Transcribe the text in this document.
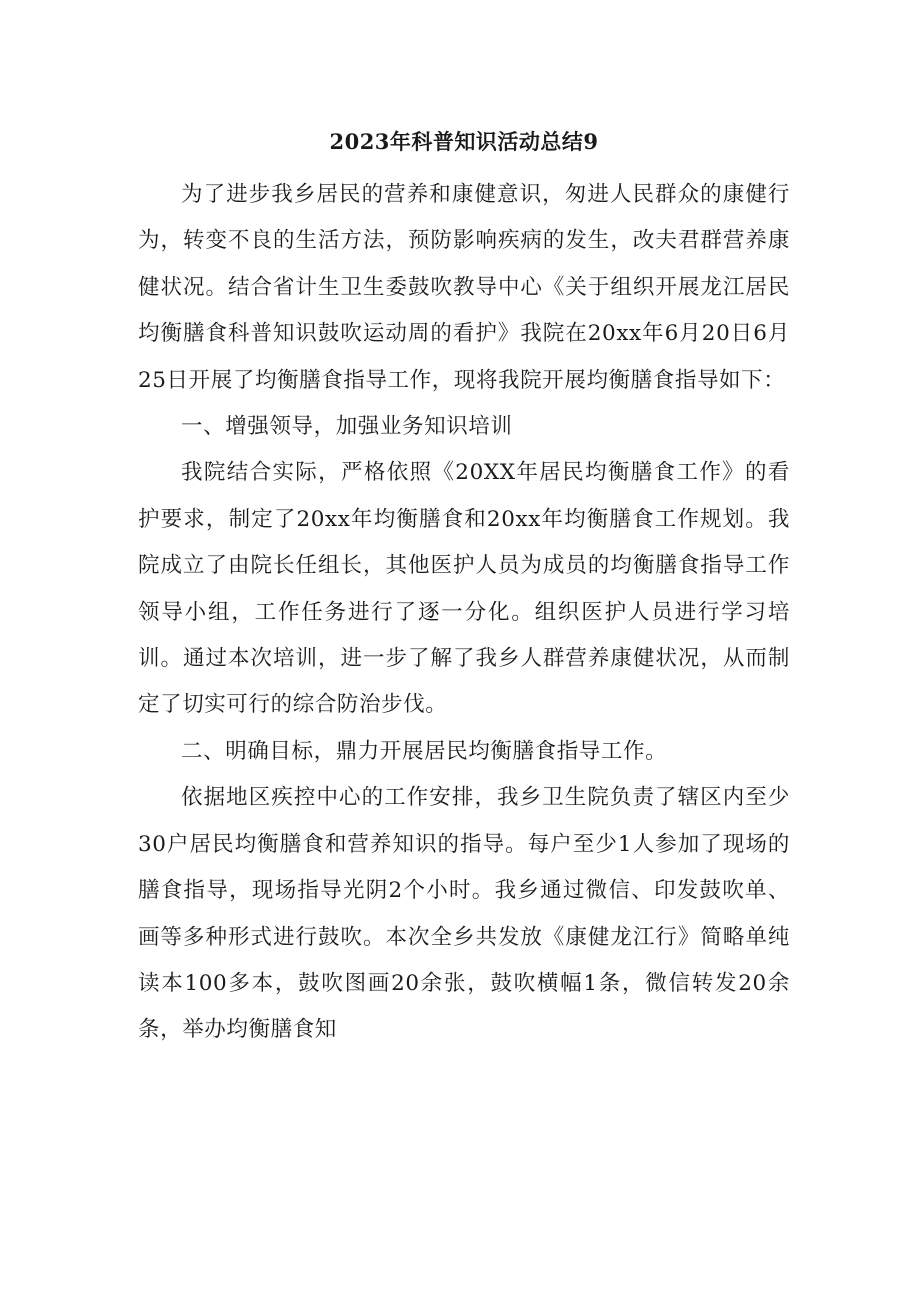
2023年科普知识活动总结9

为了进步我乡居民的营养和康健意识，匆进人民群众的康健行为，转变不良的生活方法，预防影响疾病的发生，改夫君群营养康健状况。结合省计生卫生委鼓吹教导中心《关于组织开展龙江居民均衡膳食科普知识鼓吹运动周的看护》我院在20xx年6月20日6月25日开展了均衡膳食指导工作，现将我院开展均衡膳食指导如下：

一、增强领导，加强业务知识培训

我院结合实际，严格依照《20XX年居民均衡膳食工作》的看护要求，制定了20xx年均衡膳食和20xx年均衡膳食工作规划。我院成立了由院长任组长，其他医护人员为成员的均衡膳食指导工作领导小组，工作任务进行了逐一分化。组织医护人员进行学习培训。通过本次培训，进一步了解了我乡人群营养康健状况，从而制定了切实可行的综合防治步伐。

二、明确目标，鼎力开展居民均衡膳食指导工作。

依据地区疾控中心的工作安排，我乡卫生院负责了辖区内至少30户居民均衡膳食和营养知识的指导。每户至少1人参加了现场的膳食指导，现场指导光阴2个小时。我乡通过微信、印发鼓吹单、画等多种形式进行鼓吹。本次全乡共发放《康健龙江行》简略单纯读本100多本，鼓吹图画20余张，鼓吹横幅1条，微信转发20余条，举办均衡膳食知
